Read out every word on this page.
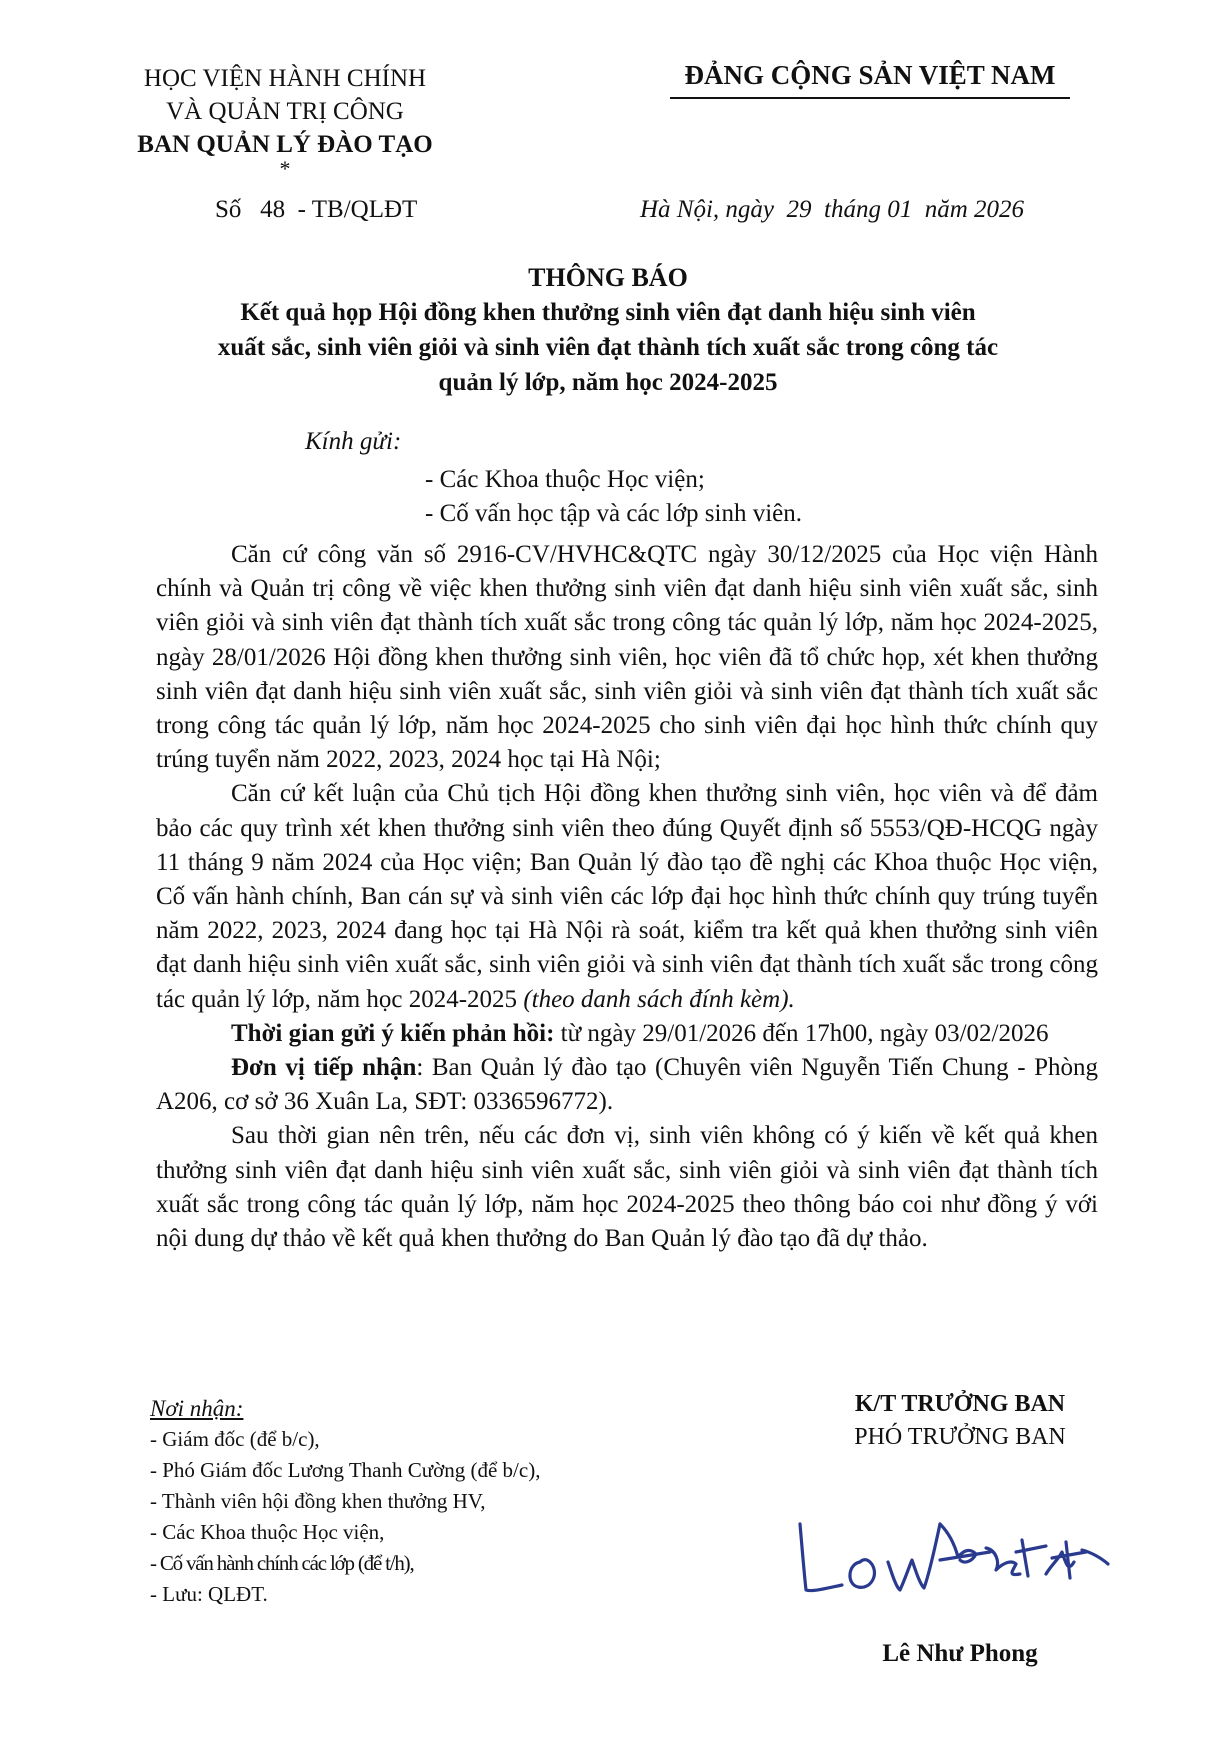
HỌC VIỆN HÀNH CHÍNH
VÀ QUẢN TRỊ CÔNG
BAN QUẢN LÝ ĐÀO TẠO
*
ĐẢNG CỘNG SẢN VIỆT NAM
Số   48  - TB/QLĐT	Hà Nội, ngày  29  tháng 01  năm 2026
THÔNG BÁO
Kết quả họp Hội đồng khen thưởng sinh viên đạt danh hiệu sinh viên
xuất sắc, sinh viên giỏi và sinh viên đạt thành tích xuất sắc trong công tác
quản lý lớp, năm học 2024-2025
Kính gửi:
- Các Khoa thuộc Học viện;
- Cố vấn học tập và các lớp sinh viên.

Căn cứ công văn số 2916-CV/HVHC&QTC ngày 30/12/2025 của Học viện Hành chính và Quản trị công về việc khen thưởng sinh viên đạt danh hiệu sinh viên xuất sắc, sinh viên giỏi và sinh viên đạt thành tích xuất sắc trong công tác quản lý lớp, năm học 2024-2025, ngày 28/01/2026 Hội đồng khen thưởng sinh viên, học viên đã tổ chức họp, xét khen thưởng sinh viên đạt danh hiệu sinh viên xuất sắc, sinh viên giỏi và sinh viên đạt thành tích xuất sắc trong công tác quản lý lớp, năm học 2024-2025 cho sinh viên đại học hình thức chính quy trúng tuyển năm 2022, 2023, 2024 học tại Hà Nội;

Căn cứ kết luận của Chủ tịch Hội đồng khen thưởng sinh viên, học viên và để đảm bảo các quy trình xét khen thưởng sinh viên theo đúng Quyết định số 5553/QĐ-HCQG ngày 11 tháng 9 năm 2024 của Học viện; Ban Quản lý đào tạo đề nghị các Khoa thuộc Học viện, Cố vấn hành chính, Ban cán sự và sinh viên các lớp đại học hình thức chính quy trúng tuyển năm 2022, 2023, 2024 đang học tại Hà Nội rà soát, kiểm tra kết quả khen thưởng sinh viên đạt danh hiệu sinh viên xuất sắc, sinh viên giỏi và sinh viên đạt thành tích xuất sắc trong công tác quản lý lớp, năm học 2024-2025 (theo danh sách đính kèm).

Thời gian gửi ý kiến phản hồi: từ ngày 29/01/2026 đến 17h00, ngày 03/02/2026

Đơn vị tiếp nhận: Ban Quản lý đào tạo (Chuyên viên Nguyễn Tiến Chung - Phòng A206, cơ sở 36 Xuân La, SĐT: 0336596772).

Sau thời gian nên trên, nếu các đơn vị, sinh viên không có ý kiến về kết quả khen thưởng sinh viên đạt danh hiệu sinh viên xuất sắc, sinh viên giỏi và sinh viên đạt thành tích xuất sắc trong công tác quản lý lớp, năm học 2024-2025 theo thông báo coi như đồng ý với nội dung dự thảo về kết quả khen thưởng do Ban Quản lý đào tạo đã dự thảo.

Nơi nhận:
- Giám đốc (để b/c),
- Phó Giám đốc Lương Thanh Cường (để b/c),
- Thành viên hội đồng khen thưởng HV,
- Các Khoa thuộc Học viện,
- Cố vấn hành chính các lớp (để t/h),
- Lưu: QLĐT.
K/T TRƯỞNG BAN
PHÓ TRƯỞNG BAN
Lê Như Phong
